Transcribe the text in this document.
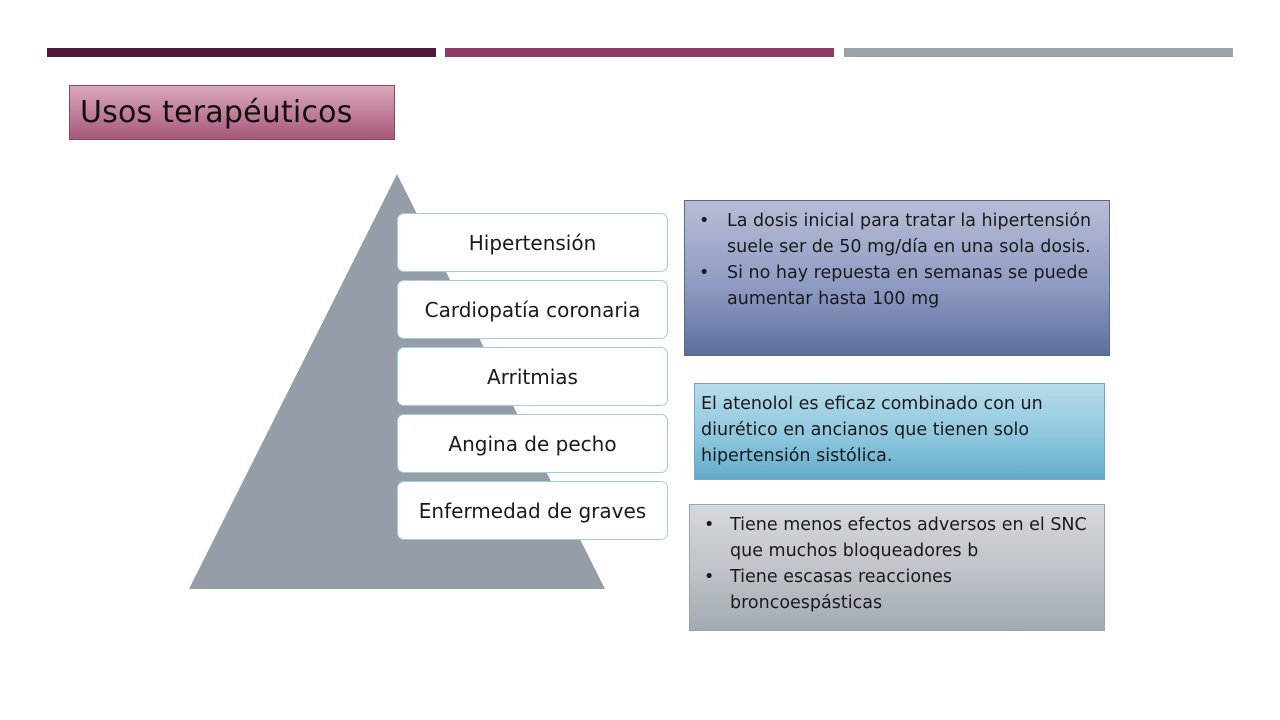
Usos terapéuticos
Hipertensión
Cardiopatía coronaria
Arritmias
Angina de pecho
Enfermedad de graves
• La dosis inicial para tratar la hipertensión suele ser de 50 mg/día en una sola dosis.
• Si no hay repuesta en semanas se puede aumentar hasta 100 mg
El atenolol es eficaz combinado con un diurético en ancianos que tienen solo hipertensión sistólica.
• Tiene menos efectos adversos en el SNC que muchos bloqueadores b
• Tiene escasas reacciones broncoespásticas
